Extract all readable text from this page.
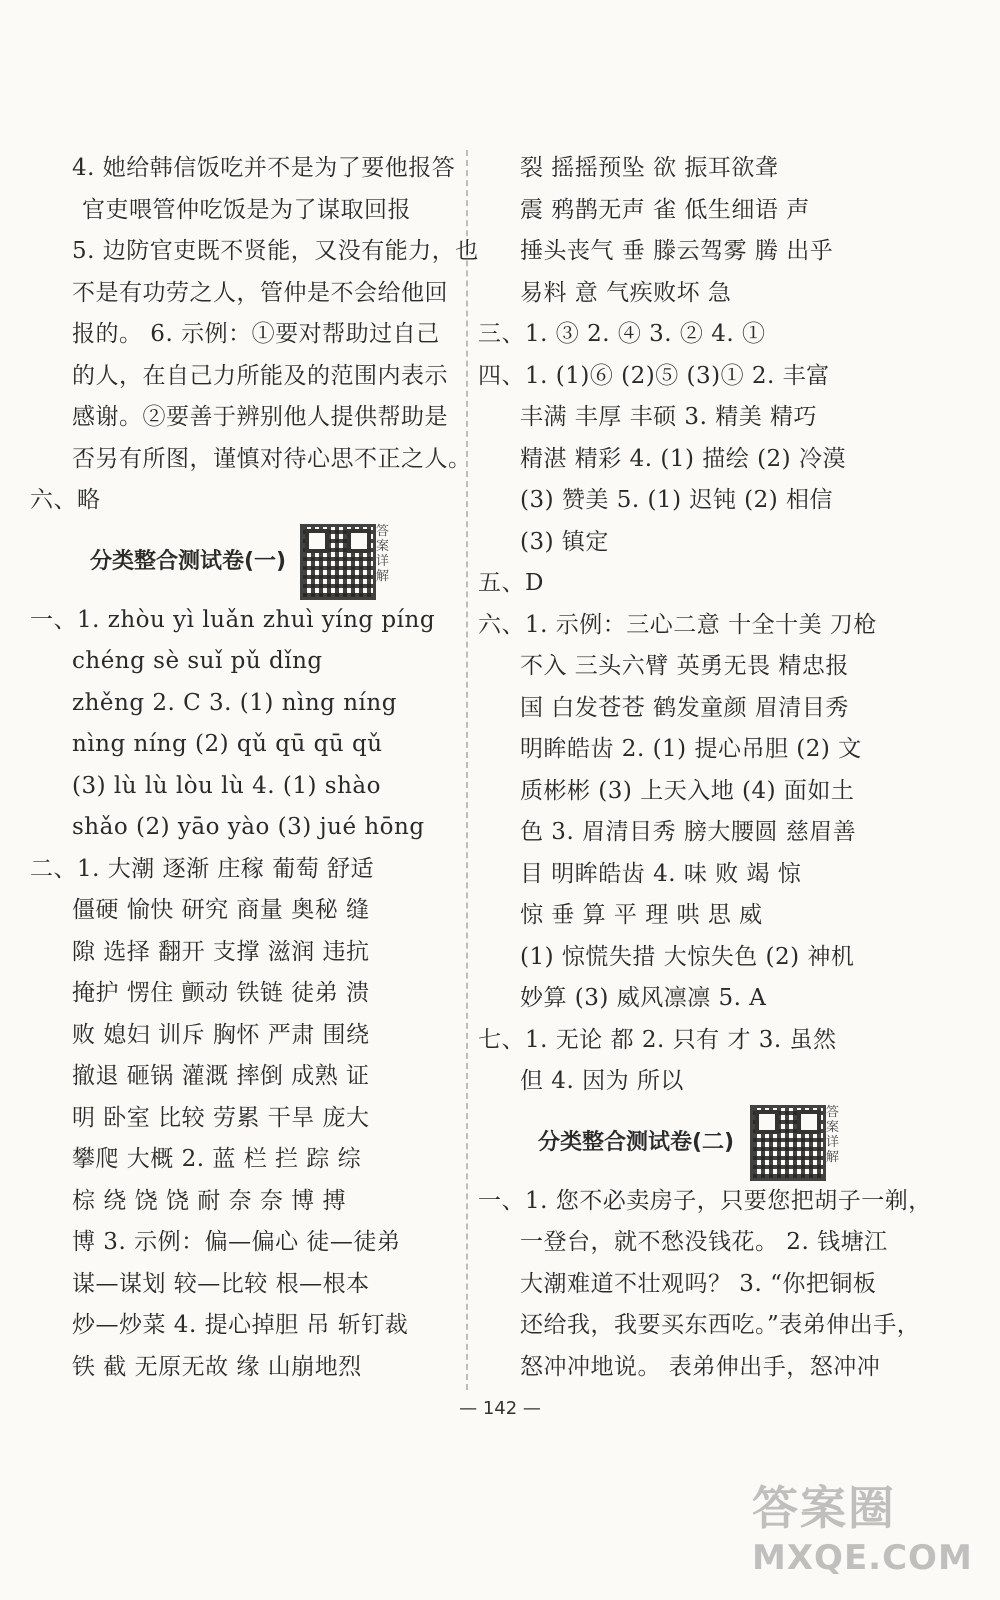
4. 她给韩信饭吃并不是为了要他报答
官吏喂管仲吃饭是为了谋取回报
5. 边防官吏既不贤能，又没有能力，也
不是有功劳之人，管仲是不会给他回
报的。 6. 示例：①要对帮助过自己
的人，在自己力所能及的范围内表示
感谢。②要善于辨别他人提供帮助是
否另有所图，谨慎对待心思不正之人。
六、略
分类整合测试卷(一)
答案详解
一、1. zhòu yì luǎn zhuì yíng píng
chéng sè suǐ pǔ dǐng
zhěng 2. C 3. (1) nìng níng
nìng níng (2) qǔ qū qū qǔ
(3) lù lù lòu lù 4. (1) shào
shǎo (2) yāo yào (3) jué hōng
二、1. 大潮 逐渐 庄稼 葡萄 舒适
僵硬 愉快 研究 商量 奥秘 缝
隙 选择 翻开 支撑 滋润 违抗
掩护 愣住 颤动 铁链 徒弟 溃
败 媳妇 训斥 胸怀 严肃 围绕
撤退 砸锅 灌溉 摔倒 成熟 证
明 卧室 比较 劳累 干旱 庞大
攀爬 大概 2. 蓝 栏 拦 踪 综
棕 绕 饶 饶 耐 奈 奈 博 搏
博 3. 示例：偏—偏心 徒—徒弟
谋—谋划 较—比较 根—根本
炒—炒菜 4. 提心掉胆 吊 斩钉裁
铁 截 无原无故 缘 山崩地烈
裂 摇摇预坠 欲 振耳欲聋
震 鸦鹊无声 雀 低生细语 声
捶头丧气 垂 滕云驾雾 腾 出乎
易料 意 气疾败坏 急
三、1. ③ 2. ④ 3. ② 4. ①
四、1. (1)⑥ (2)⑤ (3)① 2. 丰富
丰满 丰厚 丰硕 3. 精美 精巧
精湛 精彩 4. (1) 描绘 (2) 冷漠
(3) 赞美 5. (1) 迟钝 (2) 相信
(3) 镇定
五、D
六、1. 示例：三心二意 十全十美 刀枪
不入 三头六臂 英勇无畏 精忠报
国 白发苍苍 鹤发童颜 眉清目秀
明眸皓齿 2. (1) 提心吊胆 (2) 文
质彬彬 (3) 上天入地 (4) 面如土
色 3. 眉清目秀 膀大腰圆 慈眉善
目 明眸皓齿 4. 味 败 竭 惊
惊 垂 算 平 理 哄 思 威
(1) 惊慌失措 大惊失色 (2) 神机
妙算 (3) 威风凛凛 5. A
七、1. 无论 都 2. 只有 才 3. 虽然
但 4. 因为 所以
分类整合测试卷(二)
答案详解
一、1. 您不必卖房子，只要您把胡子一剃，
一登台，就不愁没钱花。 2. 钱塘江
大潮难道不壮观吗？ 3. “你把铜板
还给我，我要买东西吃。”表弟伸出手，
怒冲冲地说。 表弟伸出手，怒冲冲
— 142 —
答案圈
MXQE.COM
